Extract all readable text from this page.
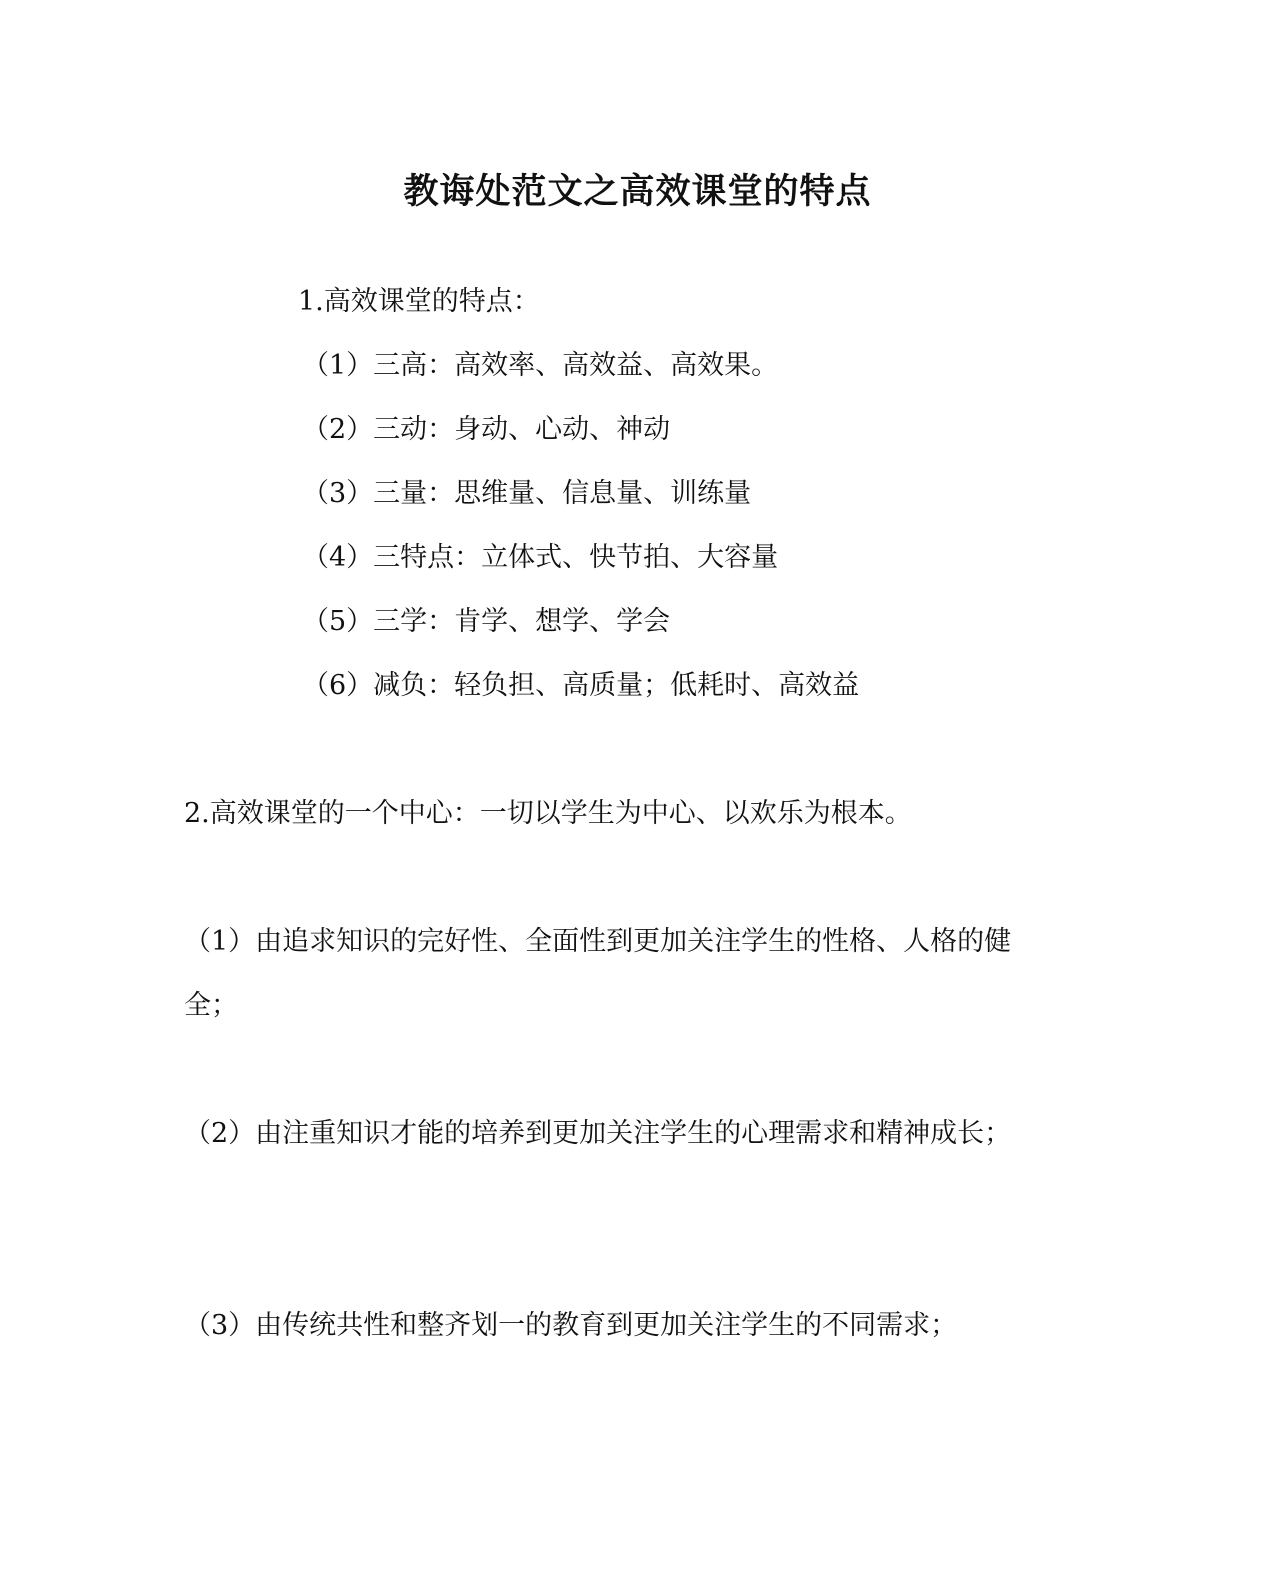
教诲处范文之高效课堂的特点
1.高效课堂的特点：
（1）三高：高效率、高效益、高效果。
（2）三动：身动、心动、神动
（3）三量：思维量、信息量、训练量
（4）三特点：立体式、快节拍、大容量
（5）三学：肯学、想学、学会
（6）减负：轻负担、高质量；低耗时、高效益
2.高效课堂的一个中心：一切以学生为中心、以欢乐为根本。
（1）由追求知识的完好性、全面性到更加关注学生的性格、人格的健
全；
（2）由注重知识才能的培养到更加关注学生的心理需求和精神成长；
（3）由传统共性和整齐划一的教育到更加关注学生的不同需求；
